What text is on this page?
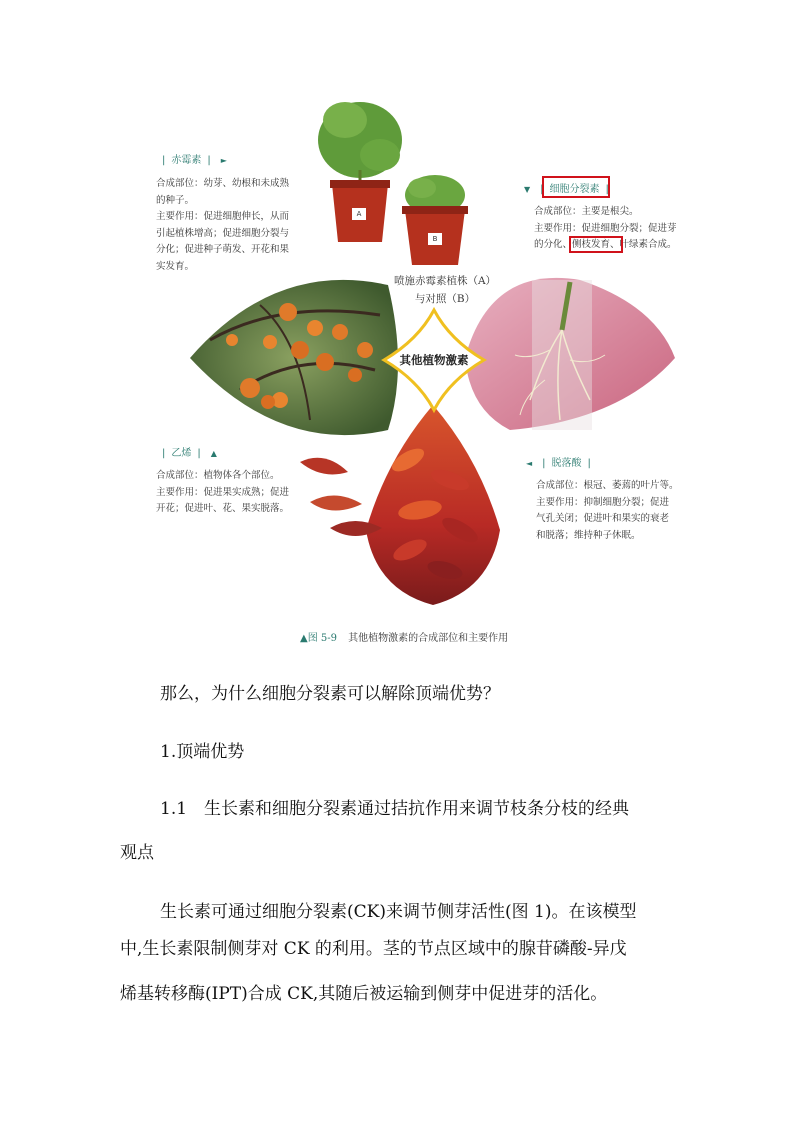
A
B
| 赤霉素 | ►
合成部位：幼芽、幼根和未成熟
的种子。
主要作用：促进细胞伸长，从而
引起植株增高；促进细胞分裂与
分化；促进种子萌发、开花和果
实发育。
喷施赤霉素植株（A）
与对照（B）
▼ | 细胞分裂素 |
合成部位：主要是根尖。
主要作用：促进细胞分裂；促进芽
的分化、侧枝发育、叶绿素合成。
其他植物激素
| 乙烯 | ▲
合成部位：植物体各个部位。
主要作用：促进果实成熟；促进
开花；促进叶、花、果实脱落。
◄ | 脱落酸 |
合成部位：根冠、萎蔫的叶片等。
主要作用：抑制细胞分裂；促进
气孔关闭；促进叶和果实的衰老
和脱落；维持种子休眠。
▲图 5-9 其他植物激素的合成部位和主要作用
那么，为什么细胞分裂素可以解除顶端优势？
1.顶端优势
1.1　生长素和细胞分裂素通过拮抗作用来调节枝条分枝的经典
观点
生长素可通过细胞分裂素(CK)来调节侧芽活性(图 1)。在该模型
中,生长素限制侧芽对 CK 的利用。茎的节点区域中的腺苷磷酸-异戊
烯基转移酶(IPT)合成 CK,其随后被运输到侧芽中促进芽的活化。
